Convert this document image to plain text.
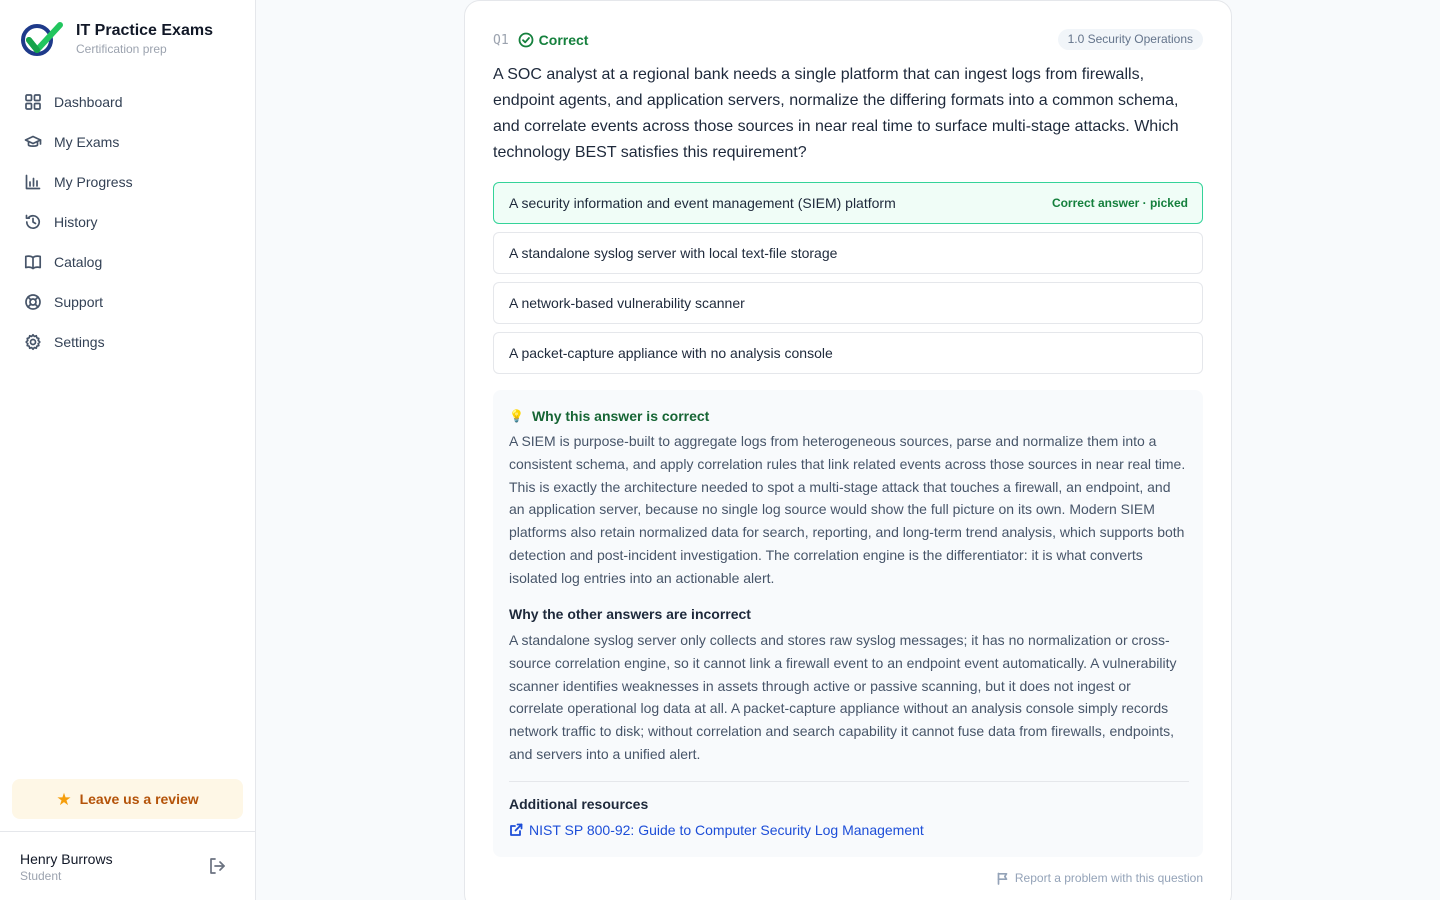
IT Practice Exams
Certification prep
Dashboard
My Exams
My Progress
History
Catalog
Support
Settings
★ Leave us a review
Henry Burrows
Student
Q1 Correct	1.0 Security Operations
A SOC analyst at a regional bank needs a single platform that can ingest logs from firewalls, endpoint agents, and application servers, normalize the differing formats into a common schema, and correlate events across those sources in near real time to surface multi-stage attacks. Which technology BEST satisfies this requirement?
A security information and event management (SIEM) platform	Correct answer · picked
A standalone syslog server with local text-file storage
A network-based vulnerability scanner
A packet-capture appliance with no analysis console
💡 Why this answer is correct
A SIEM is purpose-built to aggregate logs from heterogeneous sources, parse and normalize them into a consistent schema, and apply correlation rules that link related events across those sources in near real time. This is exactly the architecture needed to spot a multi-stage attack that touches a firewall, an endpoint, and an application server, because no single log source would show the full picture on its own. Modern SIEM platforms also retain normalized data for search, reporting, and long-term trend analysis, which supports both detection and post-incident investigation. The correlation engine is the differentiator: it is what converts isolated log entries into an actionable alert.
Why the other answers are incorrect
A standalone syslog server only collects and stores raw syslog messages; it has no normalization or cross-source correlation engine, so it cannot link a firewall event to an endpoint event automatically. A vulnerability scanner identifies weaknesses in assets through active or passive scanning, but it does not ingest or correlate operational log data at all. A packet-capture appliance without an analysis console simply records network traffic to disk; without correlation and search capability it cannot fuse data from firewalls, endpoints, and servers into a unified alert.
Additional resources
NIST SP 800-92: Guide to Computer Security Log Management
Report a problem with this question
